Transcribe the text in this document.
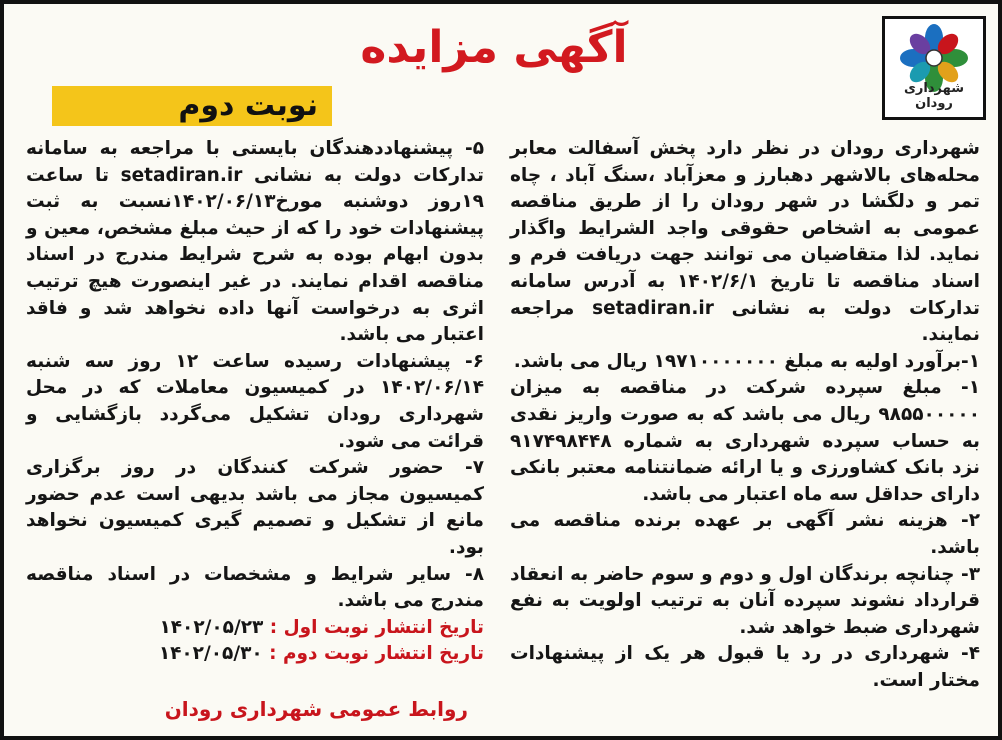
آگهی مزایده
شهرداری رودان
نوبت دوم

شهرداری رودان در نظر دارد پخش آسفالت معابر محله‌های بالاشهر دهبارز و معزآباد ،سنگ آباد ، چاه تمر و دلگشا در شهر رودان را از طریق مناقصه عمومی به اشخاص حقوقی واجد الشرایط واگذار نماید. لذا متقاضیان می توانند جهت دریافت فرم و اسناد مناقصه تا تاریخ ۱۴۰۲/۶/۱ به آدرس سامانه تدارکات دولت به نشانی setadiran.ir مراجعه نمایند.

۱-برآورد اولیه به مبلغ ۱۹۷۱۰۰۰۰۰۰۰ ریال می باشد.

۱- مبلغ سپرده شرکت در مناقصه به میزان ۹۸۵۵۰۰۰۰۰ ریال می باشد که به صورت واریز نقدی به حساب سپرده شهرداری به شماره ۹۱۷۴۹۸۴۴۸ نزد بانک کشاورزی و یا ارائه ضمانتنامه معتبر بانکی دارای حداقل سه ماه اعتبار می باشد.

۲- هزینه نشر آگهی بر عهده برنده مناقصه می باشد.

۳- چنانچه برندگان اول و دوم و سوم حاضر به انعقاد قرارداد نشوند سپرده آنان به ترتیب اولویت به نفع شهرداری ضبط خواهد شد.

۴- شهرداری در رد یا قبول هر یک از پیشنهادات مختار است.

۵- پیشنهاددهندگان بایستی با مراجعه به سامانه تدارکات دولت به نشانی setadiran.ir تا ساعت ۱۹روز دوشنبه مورخ۱۴۰۲/۰۶/۱۳نسبت به ثبت پیشنهادات خود را که از حیث مبلغ مشخص، معین و بدون ابهام بوده به شرح شرایط مندرج در اسناد مناقصه اقدام نمایند. در غیر اینصورت هیچ ترتیب اثری به درخواست آنها داده نخواهد شد و فاقد اعتبار می باشد.

۶- پیشنهادات رسیده ساعت ۱۲ روز سه شنبه ۱۴۰۲/۰۶/۱۴ در کمیسیون معاملات که در محل شهرداری رودان تشکیل می‌گردد بازگشایی و قرائت می شود.

۷- حضور شرکت کنندگان در روز برگزاری کمیسیون مجاز می باشد بدیهی است عدم حضور مانع از تشکیل و تصمیم گیری کمیسیون نخواهد بود.

۸- سایر شرایط و مشخصات در اسناد مناقصه مندرج می باشد.

تاریخ انتشار نوبت اول : ۱۴۰۲/۰۵/۲۳

تاریخ انتشار نوبت دوم : ۱۴۰۲/۰۵/۳۰

روابط عمومی شهرداری رودان
